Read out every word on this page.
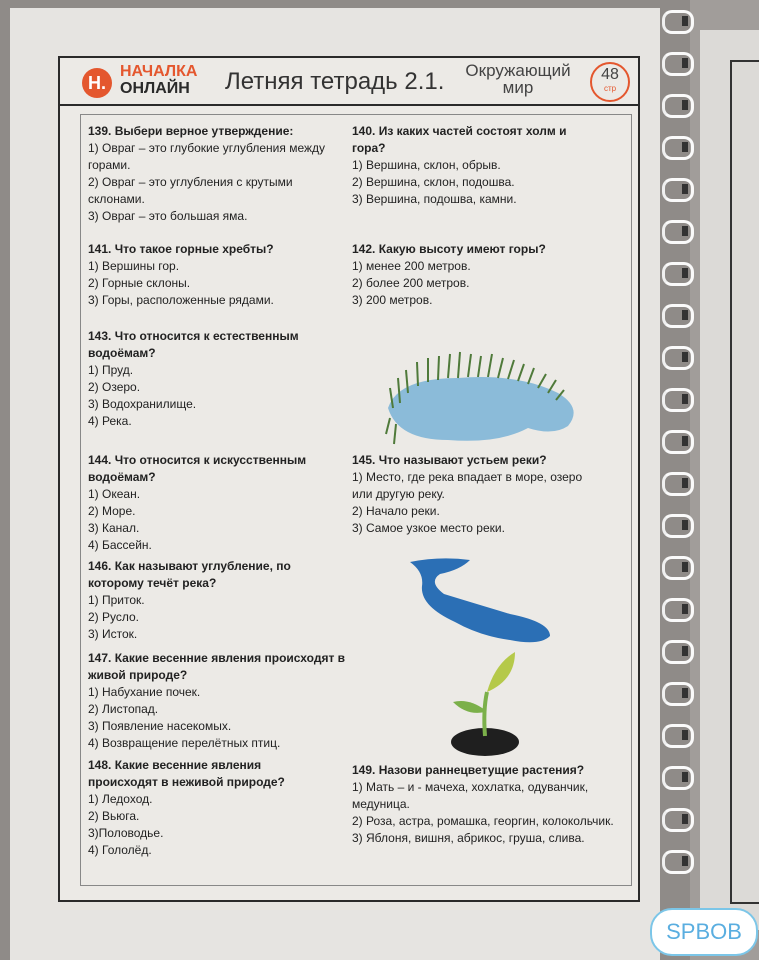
Н.
НАЧАЛКА
ОНЛАЙН	Летняя тетрадь 2.1.	Окружающий мир
48
стр
139. Выбери верное утверждение:
1) Овраг – это глубокие углубления между горами.
2) Овраг – это углубления с крутыми склонами.
3) Овраг – это большая яма.
141. Что такое горные хребты?
1) Вершины гор.
2) Горные склоны.
3) Горы, расположенные рядами.
143. Что относится к естественным водоёмам?
1) Пруд.
2) Озеро.
3) Водохранилище.
4) Река.
144. Что относится к искусственным водоёмам?
1) Океан.
2) Море.
3) Канал.
4) Бассейн.
146. Как называют углубление, по которому течёт река?
1) Приток.
2) Русло.
3) Исток.
147. Какие весенние явления происходят в живой природе?
1) Набухание почек.
2) Листопад.
3) Появление насекомых.
4) Возвращение перелётных птиц.
148. Какие весенние явления происходят в неживой природе?
1) Ледоход.
2) Вьюга.
3)Половодье.
4) Гололёд.
140. Из каких частей состоят холм и гора?
1) Вершина, склон, обрыв.
2) Вершина, склон, подошва.
3) Вершина, подошва, камни.
142. Какую высоту имеют горы?
1) менее 200 метров.
2) более 200 метров.
3) 200 метров.
145. Что называют устьем реки?
1) Место, где река впадает в море, озеро или другую реку.
2) Начало реки.
3) Самое узкое место реки.
149. Назови раннецветущие растения?
1) Мать – и - мачеха, хохлатка, одуванчик, медуница.
2) Роза, астра, ромашка, георгин, колокольчик.
3) Яблоня, вишня, абрикос, груша, слива.
SPBOB
